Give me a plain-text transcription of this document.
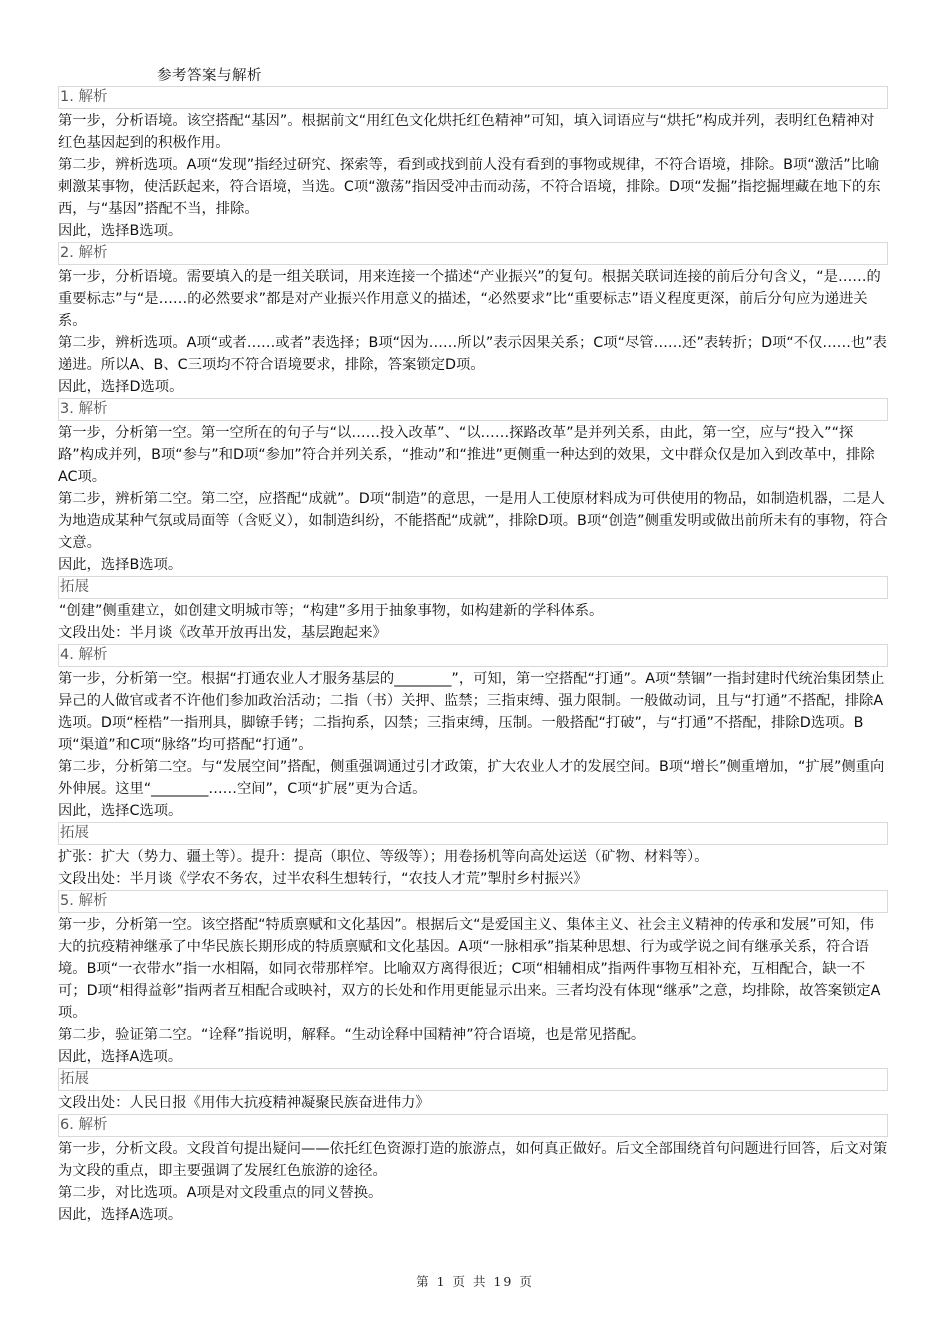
参考答案与解析
1. 解析
第一步，分析语境。该空搭配“基因”。根据前文“用红色文化烘托红色精神”可知，填入词语应与“烘托”构成并列，表明红色精神对红色基因起到的积极作用。
第二步，辨析选项。A项“发现”指经过研究、探索等，看到或找到前人没有看到的事物或规律，不符合语境，排除。B项“激活”比喻刺激某事物，使活跃起来，符合语境，当选。C项“激荡”指因受冲击而动荡，不符合语境，排除。D项“发掘”指挖掘埋藏在地下的东西，与“基因”搭配不当，排除。
因此，选择B选项。
2. 解析
第一步，分析语境。需要填入的是一组关联词，用来连接一个描述“产业振兴”的复句。根据关联词连接的前后分句含义，“是……的重要标志”与“是……的必然要求”都是对产业振兴作用意义的描述，“必然要求”比“重要标志”语义程度更深，前后分句应为递进关系。
第二步，辨析选项。A项“或者……或者”表选择；B项“因为……所以”表示因果关系；C项“尽管……还”表转折；D项“不仅……也”表递进。所以A、B、C三项均不符合语境要求，排除，答案锁定D项。
因此，选择D选项。
3. 解析
第一步，分析第一空。第一空所在的句子与“以……投入改革”、“以……探路改革”是并列关系，由此，第一空，应与“投入”“探路”构成并列，B项“参与”和D项“参加”符合并列关系，“推动”和“推进”更侧重一种达到的效果，文中群众仅是加入到改革中，排除AC项。
第二步，辨析第二空。第二空，应搭配“成就”。D项“制造”的意思，一是用人工使原材料成为可供使用的物品，如制造机器，二是人为地造成某种气氛或局面等（含贬义），如制造纠纷，不能搭配“成就”，排除D项。B项“创造”侧重发明或做出前所未有的事物，符合文意。
因此，选择B选项。
拓展
“创建”侧重建立，如创建文明城市等；“构建”多用于抽象事物，如构建新的学科体系。
文段出处：半月谈《改革开放再出发，基层跑起来》
4. 解析
第一步，分析第一空。根据“打通农业人才服务基层的________”，可知，第一空搭配“打通”。A项“禁锢”一指封建时代统治集团禁止异己的人做官或者不许他们参加政治活动；二指（书）关押、监禁；三指束缚、强力限制。一般做动词，且与“打通”不搭配，排除A选项。D项“桎梏”一指刑具，脚镣手铐；二指拘系，囚禁；三指束缚，压制。一般搭配“打破”，与“打通”不搭配，排除D选项。B项“渠道”和C项“脉络”均可搭配“打通”。
第二步，分析第二空。与“发展空间”搭配，侧重强调通过引才政策，扩大农业人才的发展空间。B项“增长”侧重增加，“扩展”侧重向外伸展。这里“________……空间”，C项“扩展”更为合适。
因此，选择C选项。
拓展
扩张：扩大（势力、疆土等）。提升：提高（职位、等级等）；用卷扬机等向高处运送（矿物、材料等）。
文段出处：半月谈《学农不务农，过半农科生想转行，“农技人才荒”掣肘乡村振兴》
5. 解析
第一步，分析第一空。该空搭配“特质禀赋和文化基因”。根据后文“是爱国主义、集体主义、社会主义精神的传承和发展”可知，伟大的抗疫精神继承了中华民族长期形成的特质禀赋和文化基因。A项“一脉相承”指某种思想、行为或学说之间有继承关系，符合语境。B项“一衣带水”指一水相隔，如同衣带那样窄。比喻双方离得很近；C项“相辅相成”指两件事物互相补充，互相配合，缺一不可；D项“相得益彰”指两者互相配合或映衬，双方的长处和作用更能显示出来。三者均没有体现“继承”之意，均排除，故答案锁定A项。
第二步，验证第二空。“诠释”指说明，解释。“生动诠释中国精神”符合语境，也是常见搭配。
因此，选择A选项。
拓展
文段出处：人民日报《用伟大抗疫精神凝聚民族奋进伟力》
6. 解析
第一步，分析文段。文段首句提出疑问——依托红色资源打造的旅游点，如何真正做好。后文全部围绕首句问题进行回答，后文对策为文段的重点，即主要强调了发展红色旅游的途径。
第二步，对比选项。A项是对文段重点的同义替换。
因此，选择A选项。
第 1 页 共 19 页
